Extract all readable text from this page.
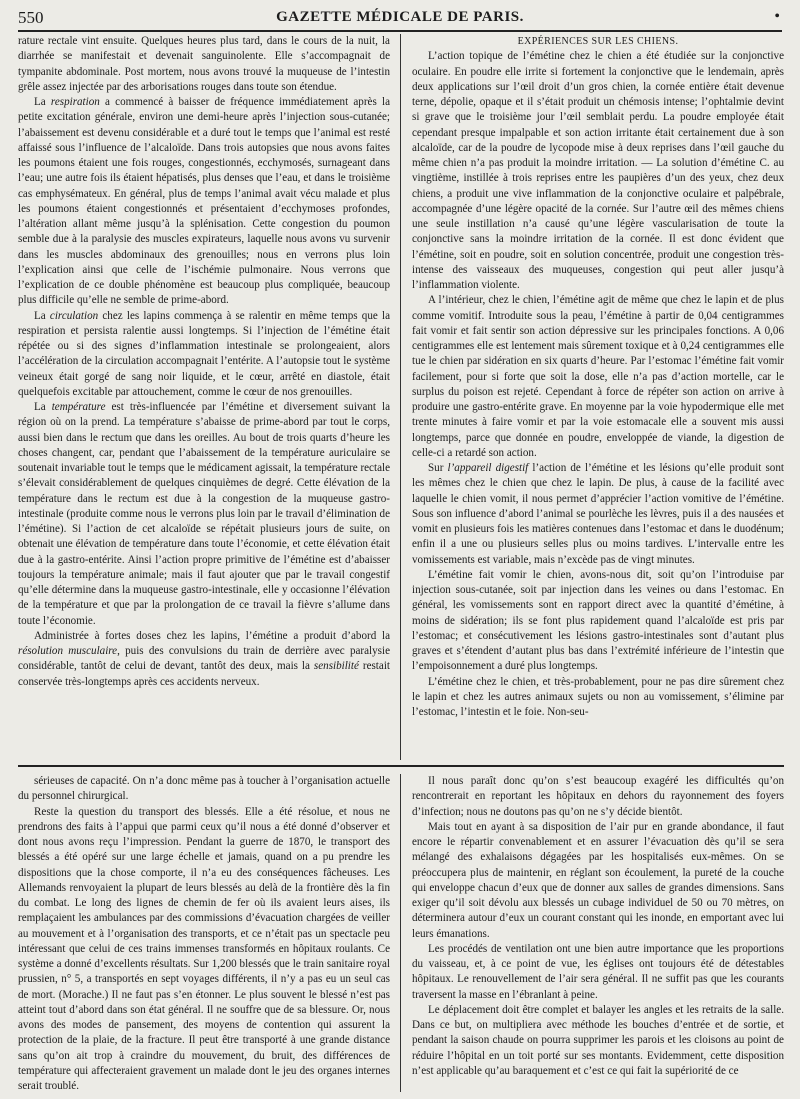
550	GAZETTE MÉDICALE DE PARIS.	•

rature rectale vint ensuite. Quelques heures plus tard, dans le cours de la nuit, la diarrhée se manifestait et devenait sanguinolente. Elle s’accompagnait de tympanite abdominale. Post mortem, nous avons trouvé la muqueuse de l’intestin grêle assez injectée par des arborisations rouges dans toute son étendue.

La respiration a commencé à baisser de fréquence immédiatement après la petite excitation générale, environ une demi-heure après l’injection sous-cutanée; l’abaissement est devenu considérable et a duré tout le temps que l’animal est resté affaissé sous l’influence de l’alcaloïde. Dans trois autopsies que nous avons faites les poumons étaient une fois rouges, congestionnés, ecchymosés, surnageant dans l’eau; une autre fois ils étaient hépatisés, plus denses que l’eau, et dans le troisième cas emphysémateux. En général, plus de temps l’animal avait vécu malade et plus les poumons étaient congestionnés et présentaient d’ecchymoses profondes, l’altération allant même jusqu’à la splénisation. Cette congestion du poumon semble due à la paralysie des muscles expirateurs, laquelle nous avons vu survenir dans les muscles abdominaux des grenouilles; nous en verrons plus loin l’explication ainsi que celle de l’ischémie pulmonaire. Nous verrons que l’explication de ce double phénomène est beaucoup plus compliquée, beaucoup plus difficile qu’elle ne semble de prime-abord.

La circulation chez les lapins commença à se ralentir en même temps que la respiration et persista ralentie aussi longtemps. Si l’injection de l’émétine était répétée ou si des signes d’inflammation intestinale se prolongeaient, alors l’accélération de la circulation accompagnait l’entérite. A l’autopsie tout le système veineux était gorgé de sang noir liquide, et le cœur, arrêté en diastole, était quelquefois excitable par attouchement, comme le cœur de nos grenouilles.

La température est très-influencée par l’émétine et diversement suivant la région où on la prend. La température s’abaisse de prime-abord par tout le corps, aussi bien dans le rectum que dans les oreilles. Au bout de trois quarts d’heure les choses changent, car, pendant que l’abaissement de la température auriculaire se soutenait invariable tout le temps que le médicament agissait, la température rectale s’élevait considérablement de quelques cinquièmes de degré. Cette élévation de la température dans le rectum est due à la congestion de la muqueuse gastro-intestinale (produite comme nous le verrons plus loin par le travail d’élimination de l’émétine). Si l’action de cet alcaloïde se répétait plusieurs jours de suite, on obtenait une élévation de température dans toute l’économie, et cette élévation était due à la gastro-entérite. Ainsi l’action propre primitive de l’émétine est d’abaisser toujours la température animale; mais il faut ajouter que par le travail congestif qu’elle détermine dans la muqueuse gastro-intestinale, elle y occasionne l’élévation de la température et que par la prolongation de ce travail la fièvre s’allume dans toute l’économie.

Administrée à fortes doses chez les lapins, l’émétine a produit d’abord la résolution musculaire, puis des convulsions du train de derrière avec paralysie considérable, tantôt de celui de devant, tantôt des deux, mais la sensibilité restait conservée très-longtemps après ces accidents nerveux.

EXPÉRIENCES SUR LES CHIENS.

L’action topique de l’émétine chez le chien a été étudiée sur la conjonctive oculaire. En poudre elle irrite si fortement la conjonctive que le lendemain, après deux applications sur l’œil droit d’un gros chien, la cornée entière était devenue terne, dépolie, opaque et il s’était produit un chémosis intense; l’ophtalmie devint si grave que le troisième jour l’œil semblait perdu. La poudre employée était cependant presque impalpable et son action irritante était certainement due à son alcaloïde, car de la poudre de lycopode mise à deux reprises dans l’œil gauche du même chien n’a pas produit la moindre irritation. — La solution d’émétine C. au vingtième, instillée à trois reprises entre les paupières d’un des yeux, chez deux chiens, a produit une vive inflammation de la conjonctive oculaire et palpébrale, accompagnée d’une légère opacité de la cornée. Sur l’autre œil des mêmes chiens une seule instillation n’a causé qu’une légère vascularisation de toute la conjonctive sans la moindre irritation de la cornée. Il est donc évident que l’émétine, soit en poudre, soit en solution concentrée, produit une congestion très-intense des vaisseaux des muqueuses, congestion qui peut aller jusqu’à l’inflammation violente.

A l’intérieur, chez le chien, l’émétine agit de même que chez le lapin et de plus comme vomitif. Introduite sous la peau, l’émétine à partir de 0,04 centigrammes fait vomir et fait sentir son action dépressive sur les principales fonctions. A 0,06 centigrammes elle est lentement mais sûrement toxique et à 0,24 centigrammes elle tue le chien par sidération en six quarts d’heure. Par l’estomac l’émétine fait vomir facilement, pour si forte que soit la dose, elle n’a pas d’action mortelle, car le surplus du poison est rejeté. Cependant à force de répéter son action on arrive à produire une gastro-entérite grave. En moyenne par la voie hypodermique elle met trente minutes à faire vomir et par la voie estomacale elle a souvent mis aussi longtemps, parce que donnée en poudre, enveloppée de viande, la digestion de celle-ci a retardé son action.

Sur l’appareil digestif l’action de l’émétine et les lésions qu’elle produit sont les mêmes chez le chien que chez le lapin. De plus, à cause de la facilité avec laquelle le chien vomit, il nous permet d’apprécier l’action vomitive de l’émétine. Sous son influence d’abord l’animal se pourlèche les lèvres, puis il a des nausées et vomit en plusieurs fois les matières contenues dans l’estomac et dans le duodénum; enfin il a une ou plusieurs selles plus ou moins tardives. L’intervalle entre les vomissements est variable, mais n’excède pas de vingt minutes.

L’émétine fait vomir le chien, avons-nous dit, soit qu’on l’introduise par injection sous-cutanée, soit par injection dans les veines ou dans l’estomac. En général, les vomissements sont en rapport direct avec la quantité d’émétine, à moins de sidération; ils se font plus rapidement quand l’alcaloïde est pris par l’estomac; et consécutivement les lésions gastro-intestinales sont d’autant plus graves et s’étendent d’autant plus bas dans l’extrémité inférieure de l’intestin que l’empoisonnement a duré plus longtemps.

L’émétine chez le chien, et très-probablement, pour ne pas dire sûrement chez le lapin et chez les autres animaux sujets ou non au vomissement, s’élimine par l’estomac, l’intestin et le foie. Non-seu-

sérieuses de capacité. On n’a donc même pas à toucher à l’organisation actuelle du personnel chirurgical.

Reste la question du transport des blessés. Elle a été résolue, et nous ne prendrons des faits à l’appui que parmi ceux qu’il nous a été donné d’observer et dont nous avons reçu l’impression. Pendant la guerre de 1870, le transport des blessés a été opéré sur une large échelle et jamais, quand on a pu prendre les dispositions que la chose comporte, il n’a eu des conséquences fâcheuses. Les Allemands renvoyaient la plupart de leurs blessés au delà de la frontière dès la fin du combat. Le long des lignes de chemin de fer où ils avaient leurs aises, ils remplaçaient les ambulances par des commissions d’évacuation chargées de veiller au mouvement et à l’organisation des transports, et ce n’était pas un spectacle peu intéressant que celui de ces trains immenses transformés en hôpitaux roulants. Ce système a donné d’excellents résultats. Sur 1,200 blessés que le train sanitaire royal prussien, n° 5, a transportés en sept voyages différents, il n’y a pas eu un seul cas de mort. (Morache.) Il ne faut pas s’en étonner. Le plus souvent le blessé n’est pas atteint tout d’abord dans son état général. Il ne souffre que de sa blessure. Or, nous avons des modes de pansement, des moyens de contention qui assurent la protection de la plaie, de la fracture. Il peut être transporté à une grande distance sans qu’on ait trop à craindre du mouvement, du bruit, des différences de température qui affecteraient gravement un malade dont le jeu des organes internes serait troublé.

Il nous paraît donc qu’on s’est beaucoup exagéré les difficultés qu’on rencontrerait en reportant les hôpitaux en dehors du rayonnement des foyers d’infection; nous ne doutons pas qu’on ne s’y décide bientôt.

Mais tout en ayant à sa disposition de l’air pur en grande abondance, il faut encore le répartir convenablement et en assurer l’évacuation dès qu’il se sera mélangé des exhalaisons dégagées par les hospitalisés eux-mêmes. On se préoccupera plus de maintenir, en réglant son écoulement, la pureté de la couche qui enveloppe chacun d’eux que de donner aux salles de grandes dimensions. Sans exiger qu’il soit dévolu aux blessés un cubage individuel de 50 ou 70 mètres, on déterminera autour d’eux un courant constant qui les inonde, en emportant avec lui leurs émanations.

Les procédés de ventilation ont une bien autre importance que les proportions du vaisseau, et, à ce point de vue, les églises ont toujours été de détestables hôpitaux. Le renouvellement de l’air sera général. Il ne suffit pas que les courants traversent la masse en l’ébranlant à peine.

Le déplacement doit être complet et balayer les angles et les retraits de la salle. Dans ce but, on multipliera avec méthode les bouches d’entrée et de sortie, et pendant la saison chaude on pourra supprimer les parois et les cloisons au point de réduire l’hôpital en un toit porté sur ses montants. Evidemment, cette disposition n’est applicable qu’au baraquement et c’est ce qui fait la supériorité de ce
